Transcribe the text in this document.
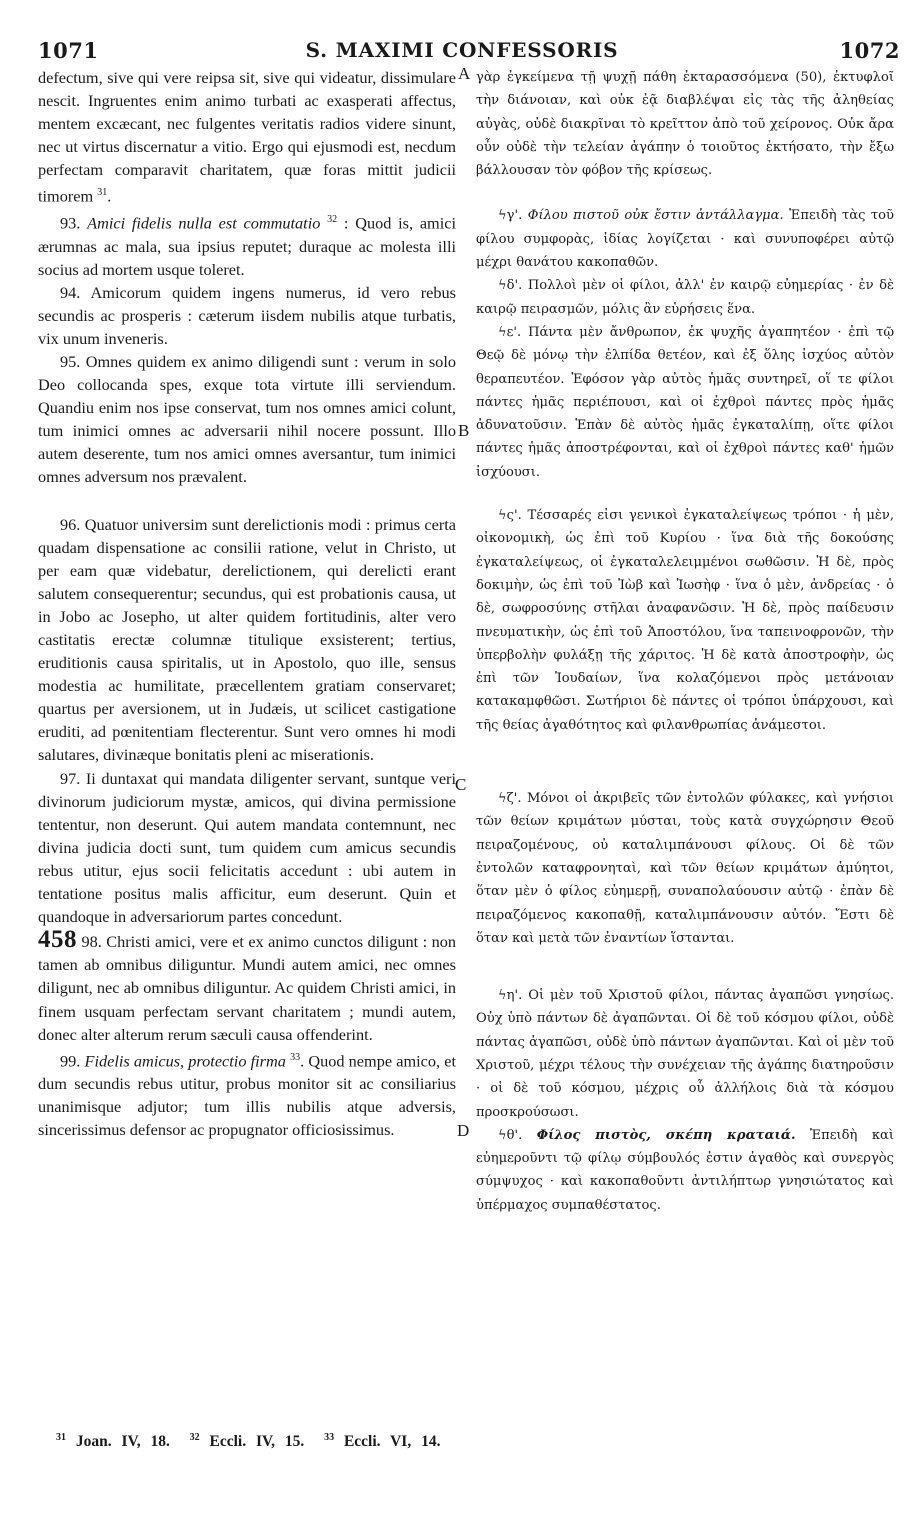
1071	S. MAXIMI CONFESSORIS	1072
A
B
C
D

defectum, sive qui vere reipsa sit, sive qui videatur, dissimulare nescit. Ingruentes enim animo turbati ac exasperati affectus, mentem excæcant, nec fulgentes veritatis radios videre sinunt, nec ut virtus discernatur a vitio. Ergo qui ejusmodi est, necdum perfectam comparavit charitatem, quæ foras mittit judicii timorem $^{31}$.

93. Amici fidelis nulla est commutatio $^{32}$ : Quod is, amici ærumnas ac mala, sua ipsius reputet; duraque ac molesta illi socius ad mortem usque toleret.

94. Amicorum quidem ingens numerus, id vero rebus secundis ac prosperis : cæterum iisdem nubilis atque turbatis, vix unum inveneris.

95. Omnes quidem ex animo diligendi sunt : verum in solo Deo collocanda spes, exque tota virtute illi serviendum. Quandiu enim nos ipse conservat, tum nos omnes amici colunt, tum inimici omnes ac adversarii nihil nocere possunt. Illo autem deserente, tum nos amici omnes aversantur, tum inimici omnes adversum nos prævalent.

96. Quatuor universim sunt derelictionis modi : primus certa quadam dispensatione ac consilii ratione, velut in Christo, ut per eam quæ videbatur, derelictionem, qui derelicti erant salutem consequerentur; secundus, qui est probationis causa, ut in Jobo ac Josepho, ut alter quidem fortitudinis, alter vero castitatis erectæ columnæ titulique exsisterent; tertius, eruditionis causa spiritalis, ut in Apostolo, quo ille, sensus modestia ac humilitate, præcellentem gratiam conservaret; quartus per aversionem, ut in Judæis, ut scilicet castigatione eruditi, ad pœnitentiam flecterentur. Sunt vero omnes hi modi salutares, divinæque bonitatis pleni ac miserationis.

97. Ii duntaxat qui mandata diligenter servant, suntque veri divinorum judiciorum mystæ, amicos, qui divina permissione tententur, non deserunt. Qui autem mandata contemnunt, nec divina judicia docti sunt, tum quidem cum amicus secundis rebus utitur, ejus socii felicitatis accedunt : ubi autem in tentatione positus malis afficitur, eum deserunt. Quin et quandoque in adversariorum partes concedunt.

458 98. Christi amici, vere et ex animo cunctos diligunt : non tamen ab omnibus diliguntur. Mundi autem amici, nec omnes diligunt, nec ab omnibus diliguntur. Ac quidem Christi amici, in finem usquam perfectam servant charitatem ; mundi autem, donec alter alterum rerum sæculi causa offenderint.

99. Fidelis amicus, protectio firma $^{33}$. Quod nempe amico, et dum secundis rebus utitur, probus monitor sit ac consiliarius unanimisque adjutor; tum illis nubilis atque adversis, sincerissimus defensor ac propugnator officiosissimus.

γὰρ ἐγκείμενα τῇ ψυχῇ πάθη ἐκταρασσόμενα (50), ἐκτυφλοῖ τὴν διάνοιαν, καὶ οὐκ ἐᾷ διαβλέψαι εἰς τὰς τῆς ἀληθείας αὐγὰς, οὐδὲ διακρῖναι τὸ κρεῖττον ἀπὸ τοῦ χείρονος. Οὐκ ἄρα οὖν οὐδὲ τὴν τελείαν ἀγάπην ὁ τοιοῦτος ἐκτήσατο, τὴν ἔξω βάλλουσαν τὸν φόβον τῆς κρίσεως.

ϟγ'. Φίλου πιστοῦ οὐκ ἔστιν ἀντάλλαγμα. Ἐπειδὴ τὰς τοῦ φίλου συμφορὰς, ἰδίας λογίζεται · καὶ συνυποφέρει αὐτῷ μέχρι θανάτου κακοπαθῶν.

ϟδ'. Πολλοὶ μὲν οἱ φίλοι, ἀλλ' ἐν καιρῷ εὐημερίας · ἐν δὲ καιρῷ πειρασμῶν, μόλις ἂν εὑρήσεις ἕνα.

ϟε'. Πάντα μὲν ἄνθρωπον, ἐκ ψυχῆς ἀγαπητέον · ἐπὶ τῷ Θεῷ δὲ μόνῳ τὴν ἐλπίδα θετέον, καὶ ἐξ ὅλης ἰσχύος αὐτὸν θεραπευτέον. Ἐφόσον γὰρ αὐτὸς ἡμᾶς συντηρεῖ, οἵ τε φίλοι πάντες ἡμᾶς περιέπουσι, καὶ οἱ ἐχθροὶ πάντες πρὸς ἡμᾶς ἀδυνατοῦσιν. Ἐπὰν δὲ αὐτὸς ἡμᾶς ἐγκαταλίπῃ, οἵτε φίλοι πάντες ἡμᾶς ἀποστρέφονται, καὶ οἱ ἐχθροὶ πάντες καθ' ἡμῶν ἰσχύουσι.

ϟς'. Τέσσαρές εἰσι γενικοὶ ἐγκαταλείψεως τρόποι · ἡ μὲν, οἰκονομικὴ, ὡς ἐπὶ τοῦ Κυρίου · ἵνα διὰ τῆς δοκούσης ἐγκαταλείψεως, οἱ ἐγκαταλελειμμένοι σωθῶσιν. Ἡ δὲ, πρὸς δοκιμὴν, ὡς ἐπὶ τοῦ Ἰὼβ καὶ Ἰωσὴφ · ἵνα ὁ μὲν, ἀνδρείας · ὁ δὲ, σωφροσύνης στῆλαι ἀναφανῶσιν. Ἡ δὲ, πρὸς παίδευσιν πνευματικὴν, ὡς ἐπὶ τοῦ Ἀποστόλου, ἵνα ταπεινοφρονῶν, τὴν ὑπερβολὴν φυλάξῃ τῆς χάριτος. Ἡ δὲ κατὰ ἀποστροφὴν, ὡς ἐπὶ τῶν Ἰουδαίων, ἵνα κολαζόμενοι πρὸς μετάνοιαν κατακαμφθῶσι. Σωτήριοι δὲ πάντες οἱ τρόποι ὑπάρχουσι, καὶ τῆς θείας ἀγαθότητος καὶ φιλανθρωπίας ἀνάμεστοι.

ϟζ'. Μόνοι οἱ ἀκριβεῖς τῶν ἐντολῶν φύλακες, καὶ γνήσιοι τῶν θείων κριμάτων μύσται, τοὺς κατὰ συγχώρησιν Θεοῦ πειραζομένους, οὐ καταλιμπάνουσι φίλους. Οἱ δὲ τῶν ἐντολῶν καταφρονηταὶ, καὶ τῶν θείων κριμάτων ἀμύητοι, ὅταν μὲν ὁ φίλος εὐημερῇ, συναπολαύουσιν αὐτῷ · ἐπὰν δὲ πειραζόμενος κακοπαθῇ, καταλιμπάνουσιν αὐτόν. Ἔστι δὲ ὅταν καὶ μετὰ τῶν ἐναντίων ἵστανται.

ϟη'. Οἱ μὲν τοῦ Χριστοῦ φίλοι, πάντας ἀγαπῶσι γνησίως. Οὐχ ὑπὸ πάντων δὲ ἀγαπῶνται. Οἱ δὲ τοῦ κόσμου φίλοι, οὐδὲ πάντας ἀγαπῶσι, οὐδὲ ὑπὸ πάντων ἀγαπῶνται. Καὶ οἱ μὲν τοῦ Χριστοῦ, μέχρι τέλους τὴν συνέχειαν τῆς ἀγάπης διατηροῦσιν · οἱ δὲ τοῦ κόσμου, μέχρις οὗ ἀλλήλοις διὰ τὰ κόσμου προσκρούσωσι.

ϟθ'. Φίλος πιστὸς, σκέπη κραταιά. Ἐπειδὴ καὶ εὐημεροῦντι τῷ φίλῳ σύμβουλός ἐστιν ἀγαθὸς καὶ συνεργὸς σύμψυχος · καὶ κακοπαθοῦντι ἀντιλήπτωρ γνησιώτατος καὶ ὑπέρμαχος συμπαθέστατος.

$^{31}$ Joan. IV, 18. $^{32}$ Eccli. IV, 15. $^{33}$ Eccli. VI, 14.
